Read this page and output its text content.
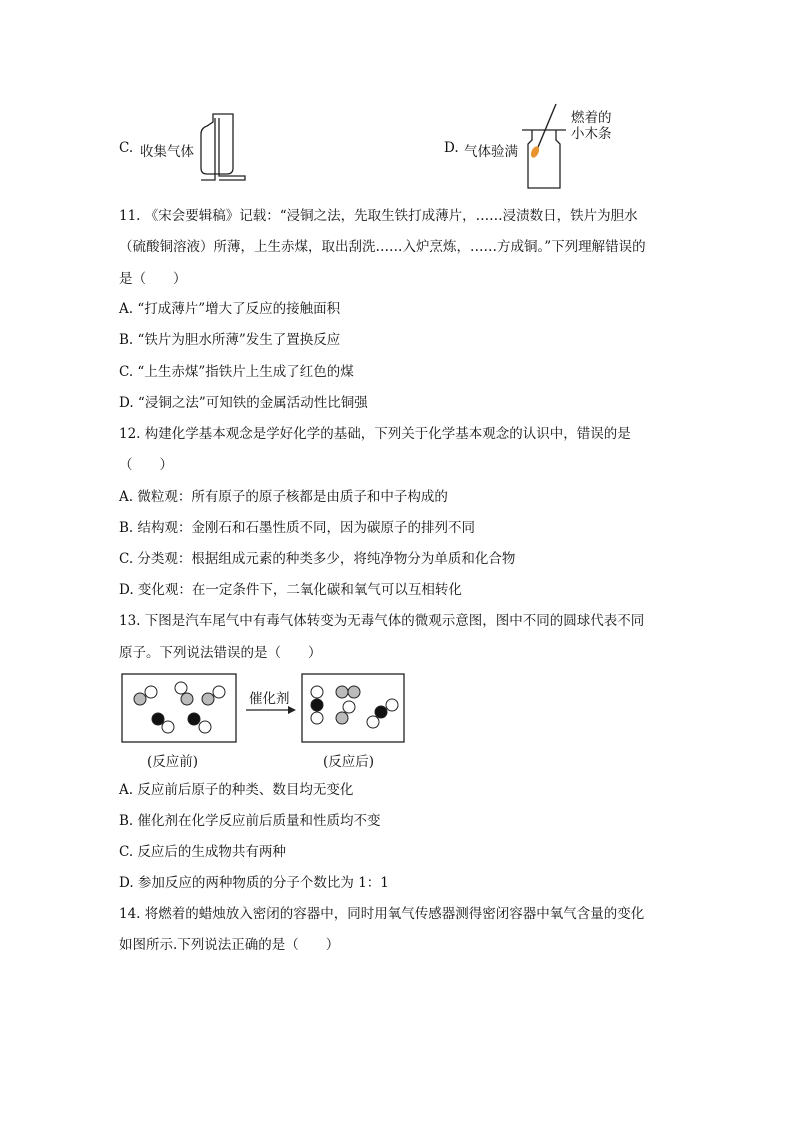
C. 收集气体	D. 气体验满
燃着的
小木条
11. 《宋会要辑稿》记载：“浸铜之法，先取生铁打成薄片，……浸渍数日，铁片为胆水
（硫酸铜溶液）所薄，上生赤煤，取出刮洗……入炉烹炼，……方成铜。”下列理解错误的
是（　　）
A. “打成薄片”增大了反应的接触面积
B. “铁片为胆水所薄”发生了置换反应
C. “上生赤煤”指铁片上生成了红色的煤
D. “浸铜之法”可知铁的金属活动性比铜强
12. 构建化学基本观念是学好化学的基础，下列关于化学基本观念的认识中，错误的是
（　　）
A. 微粒观：所有原子的原子核都是由质子和中子构成的
B. 结构观：金刚石和石墨性质不同，因为碳原子的排列不同
C. 分类观：根据组成元素的种类多少，将纯净物分为单质和化合物
D. 变化观：在一定条件下，二氧化碳和氧气可以互相转化
13. 下图是汽车尾气中有毒气体转变为无毒气体的微观示意图，图中不同的圆球代表不同
原子。下列说法错误的是（　　）
催化剂
(反应前)	(反应后)
A. 反应前后原子的种类、数目均无变化
B. 催化剂在化学反应前后质量和性质均不变
C. 反应后的生成物共有两种
D. 参加反应的两种物质的分子个数比为 1：1
14. 将燃着的蜡烛放入密闭的容器中，同时用氧气传感器测得密闭容器中氧气含量的变化
如图所示.下列说法正确的是（　　）
